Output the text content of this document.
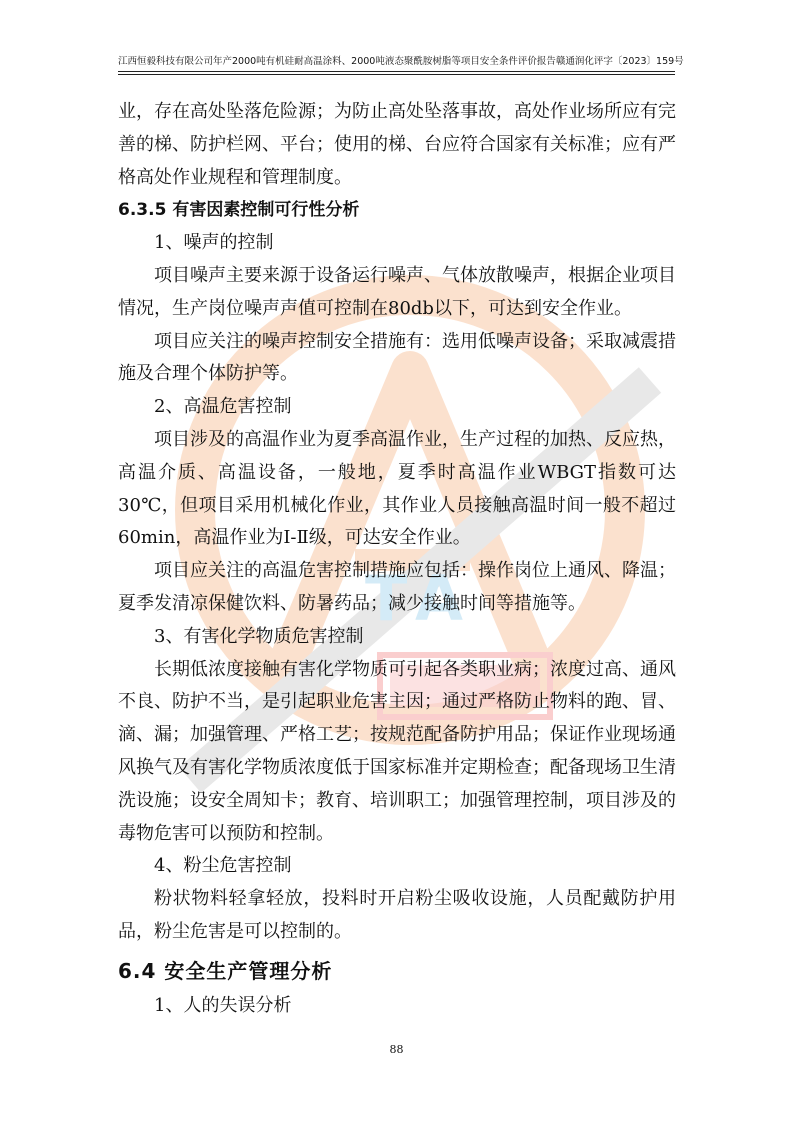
江西恒毅科技有限公司年产2000吨有机硅耐高温涂料、2000吨液态聚酰胺树脂等项目安全条件评价报告 赣通润化评字〔2023〕159号
T A

业，存在高处坠落危险源；为防止高处坠落事故，高处作业场所应有完善的梯、防护栏网、平台；使用的梯、台应符合国家有关标准；应有严格高处作业规程和管理制度。

6.3.5 有害因素控制可行性分析

1、噪声的控制

项目噪声主要来源于设备运行噪声、气体放散噪声，根据企业项目情况，生产岗位噪声声值可控制在80db以下，可达到安全作业。

项目应关注的噪声控制安全措施有：选用低噪声设备；采取减震措施及合理个体防护等。

2、高温危害控制

项目涉及的高温作业为夏季高温作业，生产过程的加热、反应热，高温介质、高温设备，一般地，夏季时高温作业WBGT指数可达30℃，但项目采用机械化作业，其作业人员接触高温时间一般不超过60min，高温作业为Ⅰ-Ⅱ级，可达安全作业。

项目应关注的高温危害控制措施应包括：操作岗位上通风、降温；夏季发清凉保健饮料、防暑药品；减少接触时间等措施等。

3、有害化学物质危害控制

长期低浓度接触有害化学物质可引起各类职业病；浓度过高、通风不良、防护不当，是引起职业危害主因；通过严格防止物料的跑、冒、滴、漏；加强管理、严格工艺；按规范配备防护用品；保证作业现场通风换气及有害化学物质浓度低于国家标准并定期检查；配备现场卫生清洗设施；设安全周知卡；教育、培训职工；加强管理控制，项目涉及的毒物危害可以预防和控制。

4、粉尘危害控制

粉状物料轻拿轻放，投料时开启粉尘吸收设施，人员配戴防护用品，粉尘危害是可以控制的。

6.4 安全生产管理分析

1、人的失误分析

88
